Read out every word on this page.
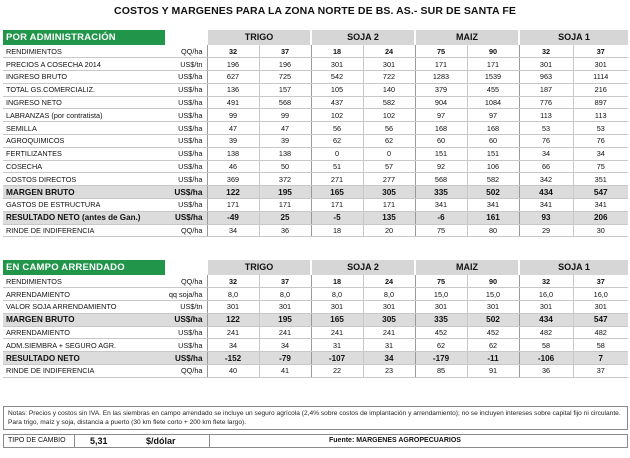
COSTOS Y MARGENES PARA LA ZONA NORTE DE BS. AS.- SUR DE SANTA FE
POR ADMINISTRACIÓN		TRIGO		SOJA 2		MAIZ		SOJA 1	
RENDIMIENTOS	QQ/ha	32	37	18	24	75	90	32	37
PRECIOS A COSECHA 2014	US$/tn	196	196	301	301	171	171	301	301
INGRESO BRUTO	US$/ha	627	725	542	722	1283	1539	963	1114
TOTAL GS.COMERCIALIZ.	US$/ha	136	157	105	140	379	455	187	216
INGRESO NETO	US$/ha	491	568	437	582	904	1084	776	897
LABRANZAS (por contratista)	US$/ha	99	99	102	102	97	97	113	113
SEMILLA	US$/ha	47	47	56	56	168	168	53	53
AGROQUIMICOS	US$/ha	39	39	62	62	60	60	76	76
FERTILIZANTES	US$/ha	138	138	0	0	151	151	34	34
COSECHA	US$/ha	46	50	51	57	92	106	66	75
COSTOS DIRECTOS	US$/ha	369	372	271	277	568	582	342	351
MARGEN BRUTO	US$/ha	122	195	165	305	335	502	434	547
GASTOS DE ESTRUCTURA	US$/ha	171	171	171	171	341	341	341	341
RESULTADO NETO (antes de Gan.)	US$/ha	-49	25	-5	135	-6	161	93	206
RINDE DE INDIFERENCIA	QQ/ha	34	36	18	20	75	80	29	30
EN CAMPO ARRENDADO		TRIGO		SOJA 2		MAIZ		SOJA 1	
RENDIMIENTOS	QQ/ha	32	37	18	24	75	90	32	37
ARRENDAMIENTO	qq soja/ha	8,0	8,0	8,0	8,0	15,0	15,0	16,0	16,0
VALOR SOJA ARRENDAMIENTO	US$/tn	301	301	301	301	301	301	301	301
MARGEN BRUTO	US$/ha	122	195	165	305	335	502	434	547
ARRENDAMIENTO	US$/ha	241	241	241	241	452	452	482	482
ADM.SIEMBRA + SEGURO AGR.	US$/ha	34	34	31	31	62	62	58	58
RESULTADO NETO	US$/ha	-152	-79	-107	34	-179	-11	-106	7
RINDE DE INDIFERENCIA	QQ/ha	40	41	22	23	85	91	36	37
Notas: Precios y costos sin IVA. En las siembras en campo arrendado se incluye un seguro agrícola (2,4% sobre costos de implantación y arrendamiento); no se incluyen intereses sobre capital fijo ni circulante. Para trigo, maíz y soja, distancia a puerto (30 km flete corto + 200 km flete largo).
TIPO DE CAMBIO	5,31	$/dólar	Fuente: MARGENES AGROPECUARIOS
